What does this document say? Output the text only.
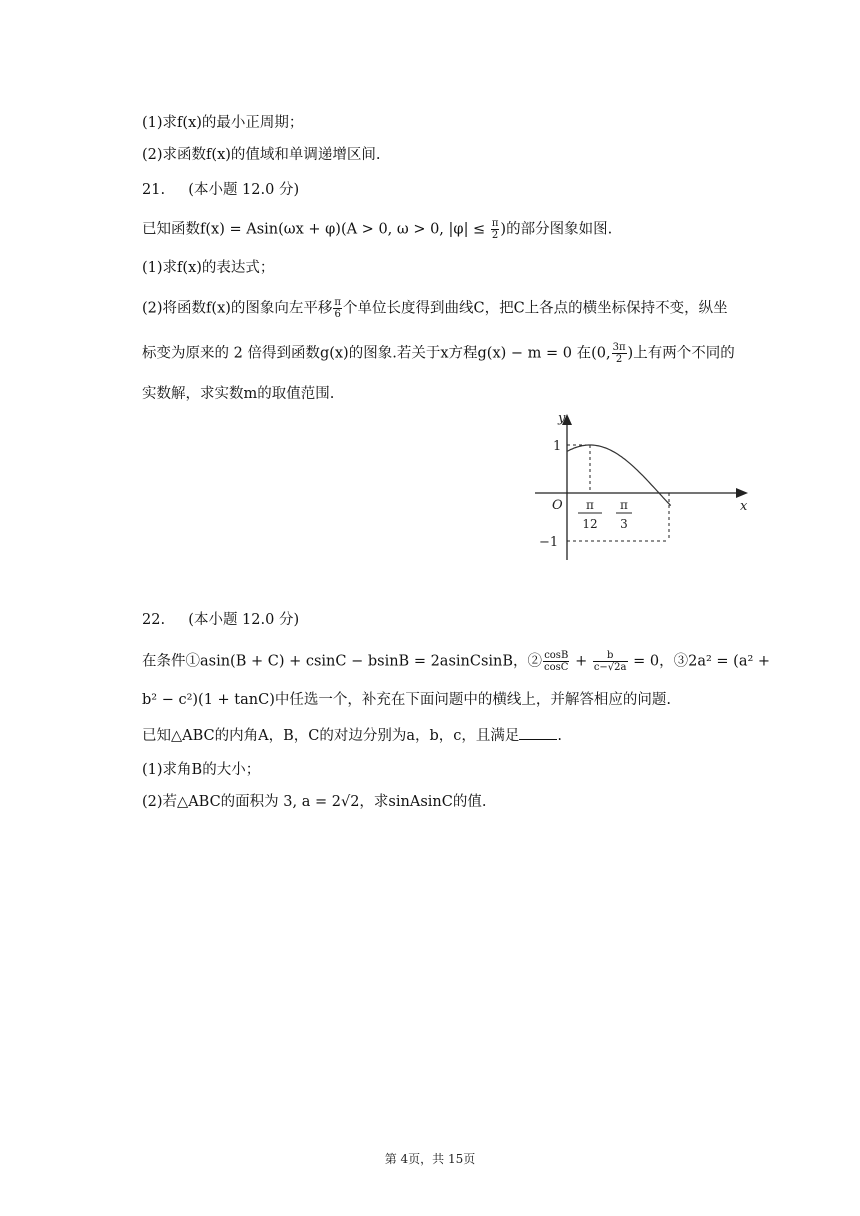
(1)求f(x)的最小正周期；
(2)求函数f(x)的值域和单调递增区间.
21. (本小题 12.0 分)
已知函数f(x) = Asin(ωx + φ)(A > 0, ω > 0, $|\varphi| \le \frac{\pi}{2}$ )的部分图象如图.
(1)求f(x)的表达式；
(2)将函数f(x)的图象向左平移 $\frac{\pi}{6}$ 个单位长度得到曲线C，把C上各点的横坐标保持不变，纵坐
标变为原来的 2 倍得到函数g(x)的图象.若关于x方程g(x) − m = 0 在(0, $\frac{3\pi}{2}$ )上有两个不同的
实数解，求实数m的取值范围.
y
x
O
1
−1
π
12
π
3
22. (本小题 12.0 分)
在条件①asin(B + C) + csinC − bsinB = 2asinCsinB，② $\frac{\cos B}{\cos C} + \frac{b}{c-√2a} = 0$，③2a² = (a² +
b² − c²)(1 + tanC)中任选一个，补充在下面问题中的横线上，并解答相应的问题.
已知△ABC的内角A，B，C的对边分别为a，b，c，且满足	.
(1)求角B的大小；
(2)若△ABC的面积为 3, a = 2√2，求sinAsinC的值.
第 4页，共 15页
